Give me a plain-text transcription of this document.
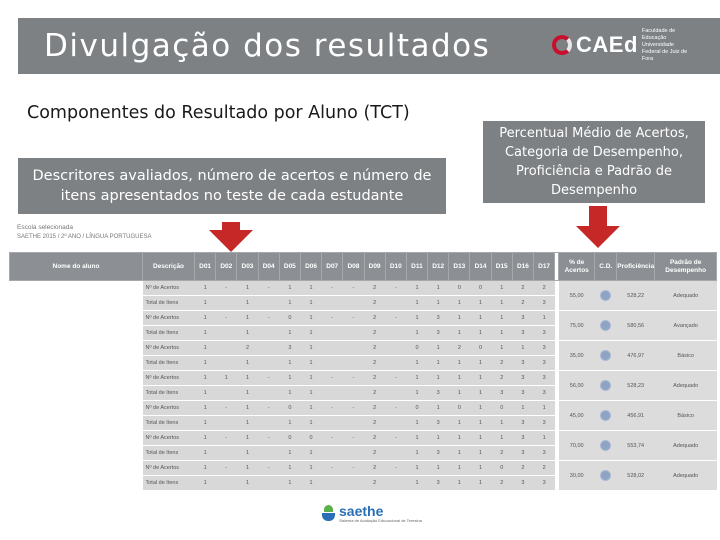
Divulgação dos resultados	CAEd
Faculdade de Educação Universidade Federal de Juiz de Fora
Componentes do Resultado por Aluno (TCT)
Descritores avaliados, número de acertos e número de itens apresentados no teste de cada estudante
Percentual Médio de Acertos, Categoria de Desempenho, Proficiência e Padrão de Desempenho
Escola selecionada
SAETHE 2015 / 2º ANO / LÍNGUA PORTUGUESA
Nome do aluno	Descrição	D01	D02	D03	D04	D05	D06	D07	D08	D09	D10	D11	D12	D13	D14	D15	D16	D17		% de Acertos	C.D.	Proficiência	Padrão de Desempenho
	Nº de Acertos	1	-	1	-	1	1	-	-	2	-	1	1	0	0	1	2	2		55,00		528,22	Adequado
	Total de Itens	1		1		1	1			2		1	1	1	1	1	2	3					
	Nº de Acertos	1	-	1	-	0	1	-	-	2	-	1	3	1	1	1	3	1		75,00		580,56	Avançado
	Total de Itens	1		1		1	1			2		1	3	1	1	1	3	3					
	Nº de Acertos	1		2		3	1			2		0	1	2	0	1	1	3		35,00		476,97	Básico
	Total de Itens	1		1		1	1			2		1	1	1	1	2	3	3					
	Nº de Acertos	1	1	1	-	1	1	-	-	2	-	1	1	1	1	2	3	3		56,00		528,23	Adequado
	Total de Itens	1		1		1	1			2		1	3	1	1	3	3	3					
	Nº de Acertos	1	-	1	-	0	1	-	-	2	-	0	1	0	1	0	1	1		45,00		456,91	Básico
	Total de Itens	1		1		1	1			2		1	3	1	1	1	3	3					
	Nº de Acertos	1	-	1	-	0	0	-	-	2	-	1	1	1	1	1	3	1		70,00		553,74	Adequado
	Total de Itens	1		1		1	1			2		1	3	1	1	2	3	3					
	Nº de Acertos	1	-	1	-	1	1	-	-	2	-	1	1	1	1	0	2	2		30,00		528,02	Adequado
	Total de Itens	1		1		1	1			2		1	3	1	1	2	3	3					
saethe
Sistema de Avaliação Educacional de Teresina
